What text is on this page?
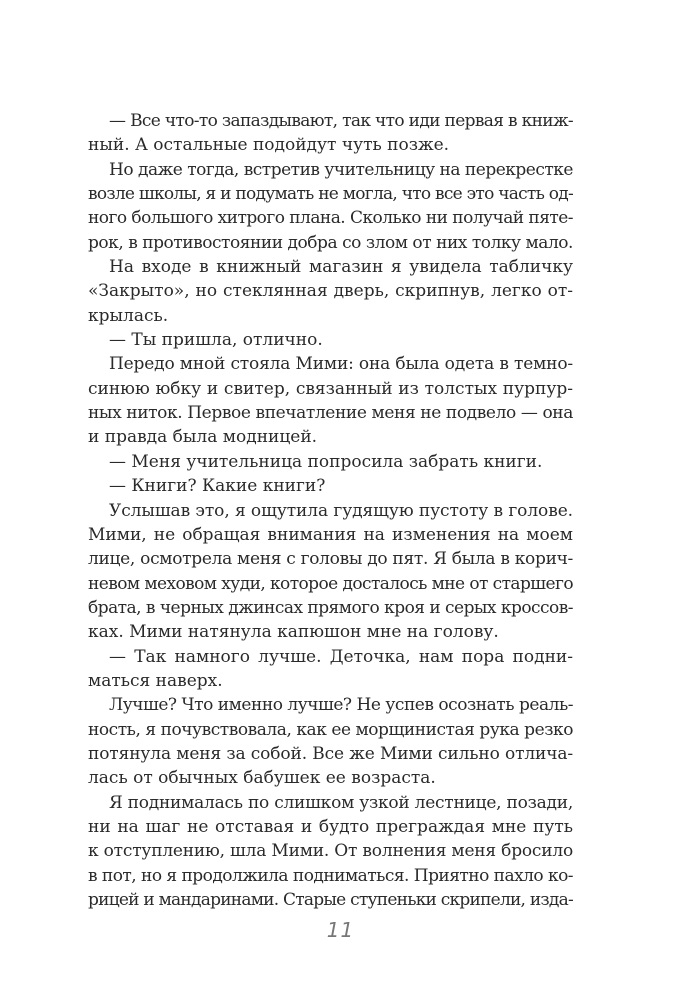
— Все что-то запаздывают, так что иди первая в книж-
ный. А остальные подойдут чуть позже.
Но даже тогда, встретив учительницу на перекрестке
возле школы, я и подумать не могла, что все это часть од-
ного большого хитрого плана. Сколько ни получай пяте-
рок, в противостоянии добра со злом от них толку мало.
На входе в книжный магазин я увидела табличку
«Закрыто», но стеклянная дверь, скрипнув, легко от-
крылась.
— Ты пришла, отлично.
Передо мной стояла Мими: она была одета в темно-
синюю юбку и свитер, связанный из толстых пурпур-
ных ниток. Первое впечатление меня не подвело — она
и правда была модницей.
— Меня учительница попросила забрать книги.
— Книги? Какие книги?
Услышав это, я ощутила гудящую пустоту в голове.
Мими, не обращая внимания на изменения на моем
лице, осмотрела меня с головы до пят. Я была в корич-
невом меховом худи, которое досталось мне от старшего
брата, в черных джинсах прямого кроя и серых кроссов-
ках. Мими натянула капюшон мне на голову.
— Так намного лучше. Деточка, нам пора подни-
маться наверх.
Лучше? Что именно лучше? Не успев осознать реаль-
ность, я почувствовала, как ее морщинистая рука резко
потянула меня за собой. Все же Мими сильно отлича-
лась от обычных бабушек ее возраста.
Я поднималась по слишком узкой лестнице, позади,
ни на шаг не отставая и будто преграждая мне путь
к отступлению, шла Мими. От волнения меня бросило
в пот, но я продолжила подниматься. Приятно пахло ко-
рицей и мандаринами. Старые ступеньки скрипели, изда-
11
